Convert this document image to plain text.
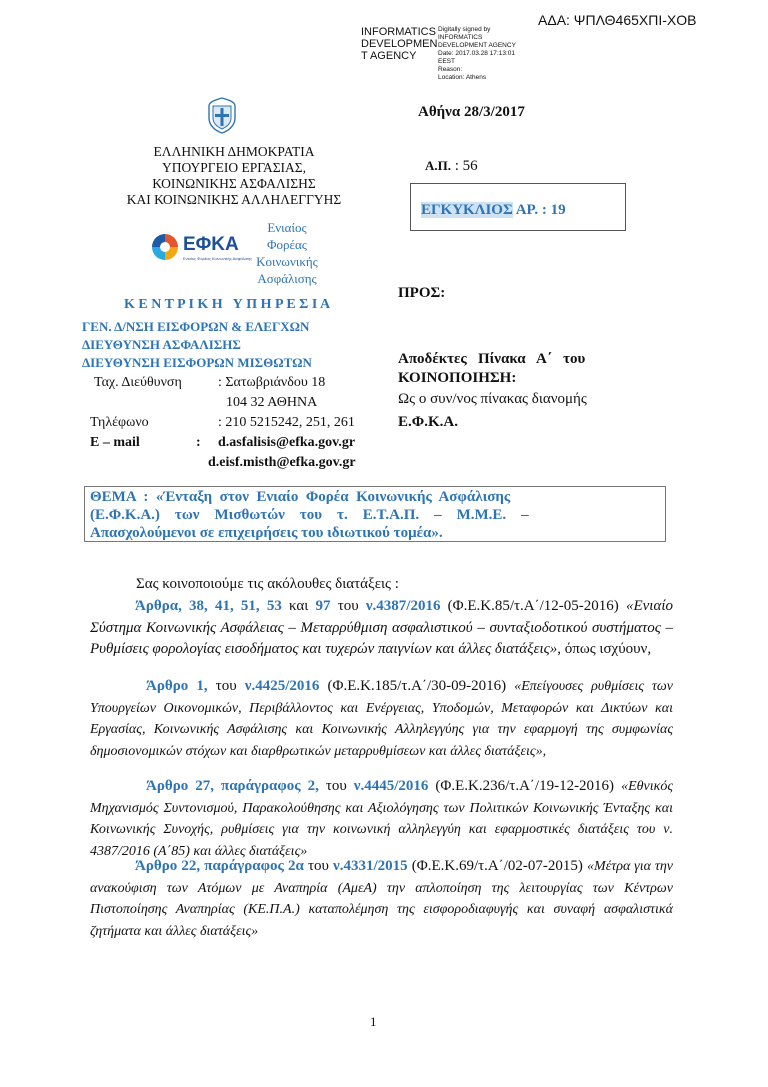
ΑΔΑ: ΨΠΛΘ465ΧΠΙ-ΧΟΒ
INFORMATICS
DEVELOPMEN
T AGENCY
Digitally signed by
INFORMATICS
DEVELOPMENT AGENCY
Date: 2017.03.28 17:13:01
EEST
Reason:
Location: Athens
ΕΛΛΗΝΙΚΗ ΔΗΜΟΚΡΑΤΙΑ
ΥΠΟΥΡΓΕΙΟ ΕΡΓΑΣΙΑΣ,
ΚΟΙΝΩΝΙΚΗΣ ΑΣΦΑΛΙΣΗΣ
ΚΑΙ ΚΟΙΝΩΝΙΚΗΣ ΑΛΛΗΛΕΓΓΥΗΣ
ΕΦΚΑ
Ενιαίος Φορέας Κοινωνικής Ασφάλισης
Ενιαίος
Φορέας
Κοινωνικής
Ασφάλισης
Κ Ε Ν Τ Ρ Ι Κ Η   Υ Π Η Ρ Ε Σ Ι Α
ΓΕΝ. Δ/ΝΣΗ ΕΙΣΦΟΡΩΝ & ΕΛΕΓΧΩΝ
ΔΙΕΥΘΥΝΣΗ ΑΣΦΑΛΙΣΗΣ
ΔΙΕΥΘΥΝΣΗ ΕΙΣΦΟΡΩΝ ΜΙΣΘΩΤΩΝ
Ταχ. Διεύθυνση	: Σατωβριάνδου 18
104 32 ΑΘΗΝΑ
Τηλέφωνο	: 210 5215242, 251, 261
E – mail	: d.asfalisis@efka.gov.gr
d.eisf.misth@efka.gov.gr
Αθήνα 28/3/2017
Α.Π. : 56
ΕΓΚΥΚΛΙΟΣ ΑΡ. : 19
ΠΡΟΣ:

Αποδέκτες   Πίνακα   Α΄   του

Ε.Φ.Κ.Α.

ΚΟΙΝΟΠΟΙΗΣΗ:
Ως ο συν/νος πίνακας διανομής
ΘΕΜΑ  :  «Ένταξη  στον  Ενιαίο  Φορέα  Κοινωνικής  Ασφάλισης
(Ε.Φ.Κ.Α.)    των    Μισθωτών    του    τ.    Ε.Τ.Α.Π.    –    Μ.Μ.Ε.    –
Απασχολούμενοι σε επιχειρήσεις του ιδιωτικού τομέα».
Σας κοινοποιούμε τις ακόλουθες διατάξεις :
Άρθρα, 38, 41, 51, 53 και 97 του ν.4387/2016 (Φ.Ε.Κ.85/τ.Α΄/12-05-2016) «Ενιαίο Σύστημα Κοινωνικής Ασφάλειας – Μεταρρύθμιση ασφαλιστικού – συνταξιοδοτικού συστήματος – Ρυθμίσεις φορολογίας εισοδήματος και τυχερών παιγνίων και άλλες διατάξεις», όπως ισχύουν,
Άρθρο 1, του ν.4425/2016 (Φ.Ε.Κ.185/τ.Α΄/30-09-2016) «Επείγουσες ρυθμίσεις των Υπουργείων Οικονομικών, Περιβάλλοντος και Ενέργειας, Υποδομών, Μεταφορών και Δικτύων και Εργασίας, Κοινωνικής Ασφάλισης και Κοινωνικής Αλληλεγγύης για την εφαρμογή της συμφωνίας δημοσιονομικών στόχων και διαρθρωτικών μεταρρυθμίσεων και άλλες διατάξεις»,
Άρθρο 27, παράγραφος 2, του ν.4445/2016 (Φ.Ε.Κ.236/τ.Α΄/19-12-2016) «Εθνικός Μηχανισμός Συντονισμού, Παρακολούθησης και Αξιολόγησης των Πολιτικών Κοινωνικής Ένταξης και Κοινωνικής Συνοχής, ρυθμίσεις για την κοινωνική αλληλεγγύη και εφαρμοστικές διατάξεις του ν. 4387/2016 (Α΄85) και άλλες διατάξεις»
Άρθρο 22, παράγραφος 2α του ν.4331/2015 (Φ.Ε.Κ.69/τ.Α΄/02-07-2015) «Μέτρα για την ανακούφιση των Ατόμων με Αναπηρία (ΑμεΑ) την απλοποίηση της λειτουργίας των Κέντρων Πιστοποίησης Αναπηρίας (ΚΕ.Π.Α.) καταπολέμηση της εισφοροδιαφυγής και συναφή ασφαλιστικά ζητήματα και άλλες διατάξεις»
1
